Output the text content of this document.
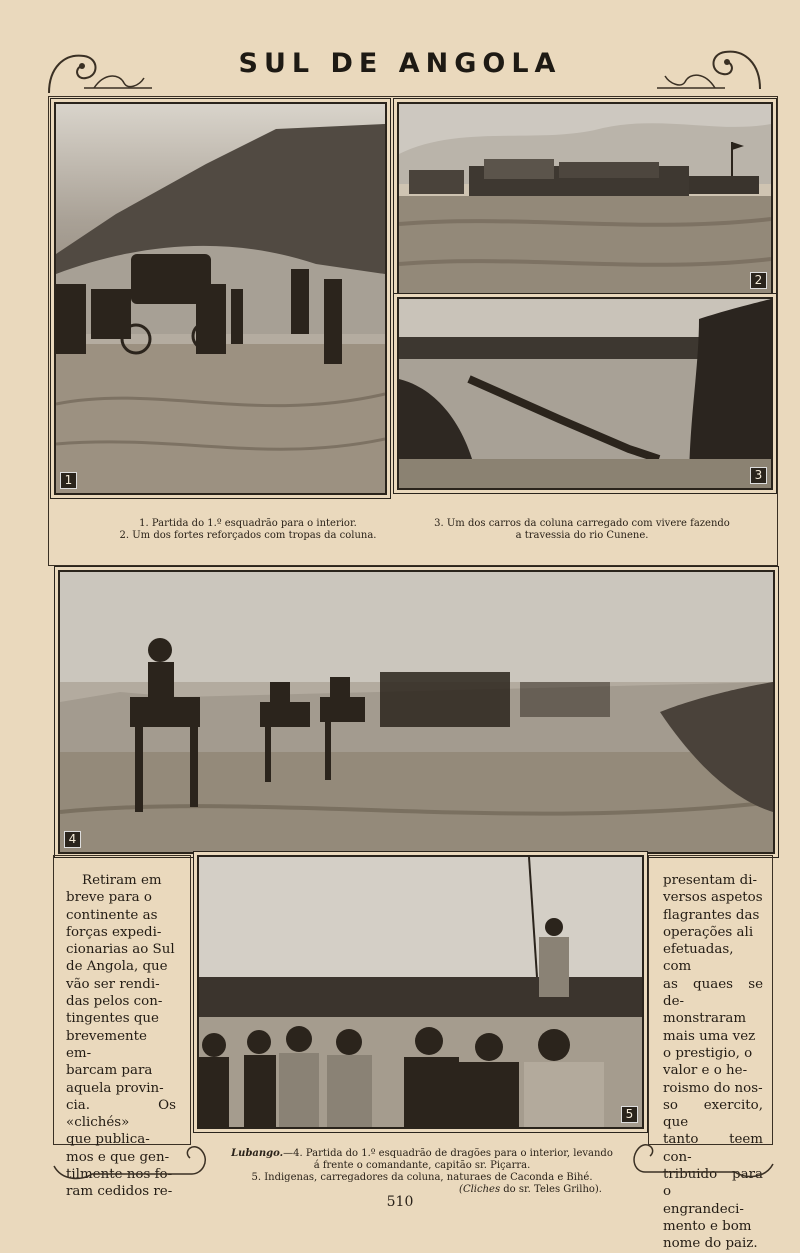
SUL DE ANGOLA
1
2
3
1. Partida do 1.º esquadrão para o interior.
2. Um dos fortes reforçados com tropas da coluna.
3. Um dos carros da coluna carregado com vivere fazendo
a travessia do rio Cunene.
4
Retiram em
breve para o
continente as
forças expedi-
cionarias ao Sul
de Angola, que
vão ser rendi-
das pelos con-
tingentes que
brevemente em-
barcam para
aquela provin-
cia. Os «clichés»
que publica-
mos e que gen-
tilmente nos fo-
ram cedidos re-
5
presentam di-
versos aspetos
flagrantes das
operações ali
efetuadas, com
as quaes se de-
monstraram
mais uma vez
o prestigio, o
valor e o he-
roismo do nos-
so exercito, que
tanto teem con-
tribuido para o
engrandeci-
mento e bom
nome do paiz.
Lubango.—4. Partida do 1.º esquadrão de dragões para o interior, levando
á frente o comandante, capitão sr. Piçarra.
5. Indigenas, carregadores da coluna, naturaes de Caconda e Bihé.
(Cliches do sr. Teles Grilho).
510
